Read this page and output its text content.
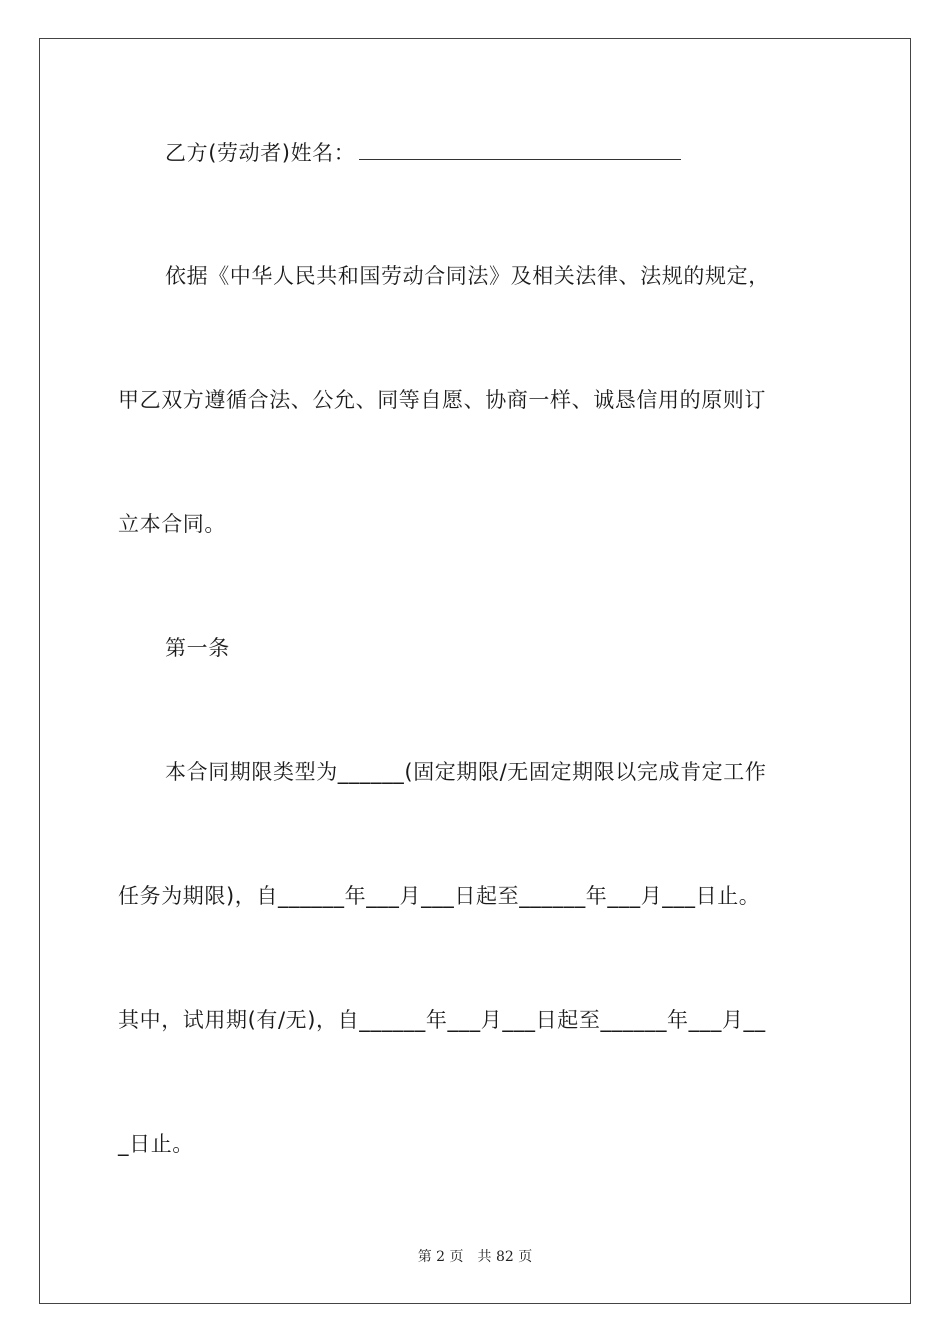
乙方(劳动者)姓名：
依据《中华人民共和国劳动合同法》及相关法律、法规的规定，
甲乙双方遵循合法、公允、同等自愿、协商一样、诚恳信用的原则订
立本合同。
第一条
本合同期限类型为______(固定期限/无固定期限以完成肯定工作
任务为期限)，自______年___月___日起至______年___月___日止。
其中，试用期(有/无)，自______年___月___日起至______年___月__
_日止。
第 2 页　共 82 页
